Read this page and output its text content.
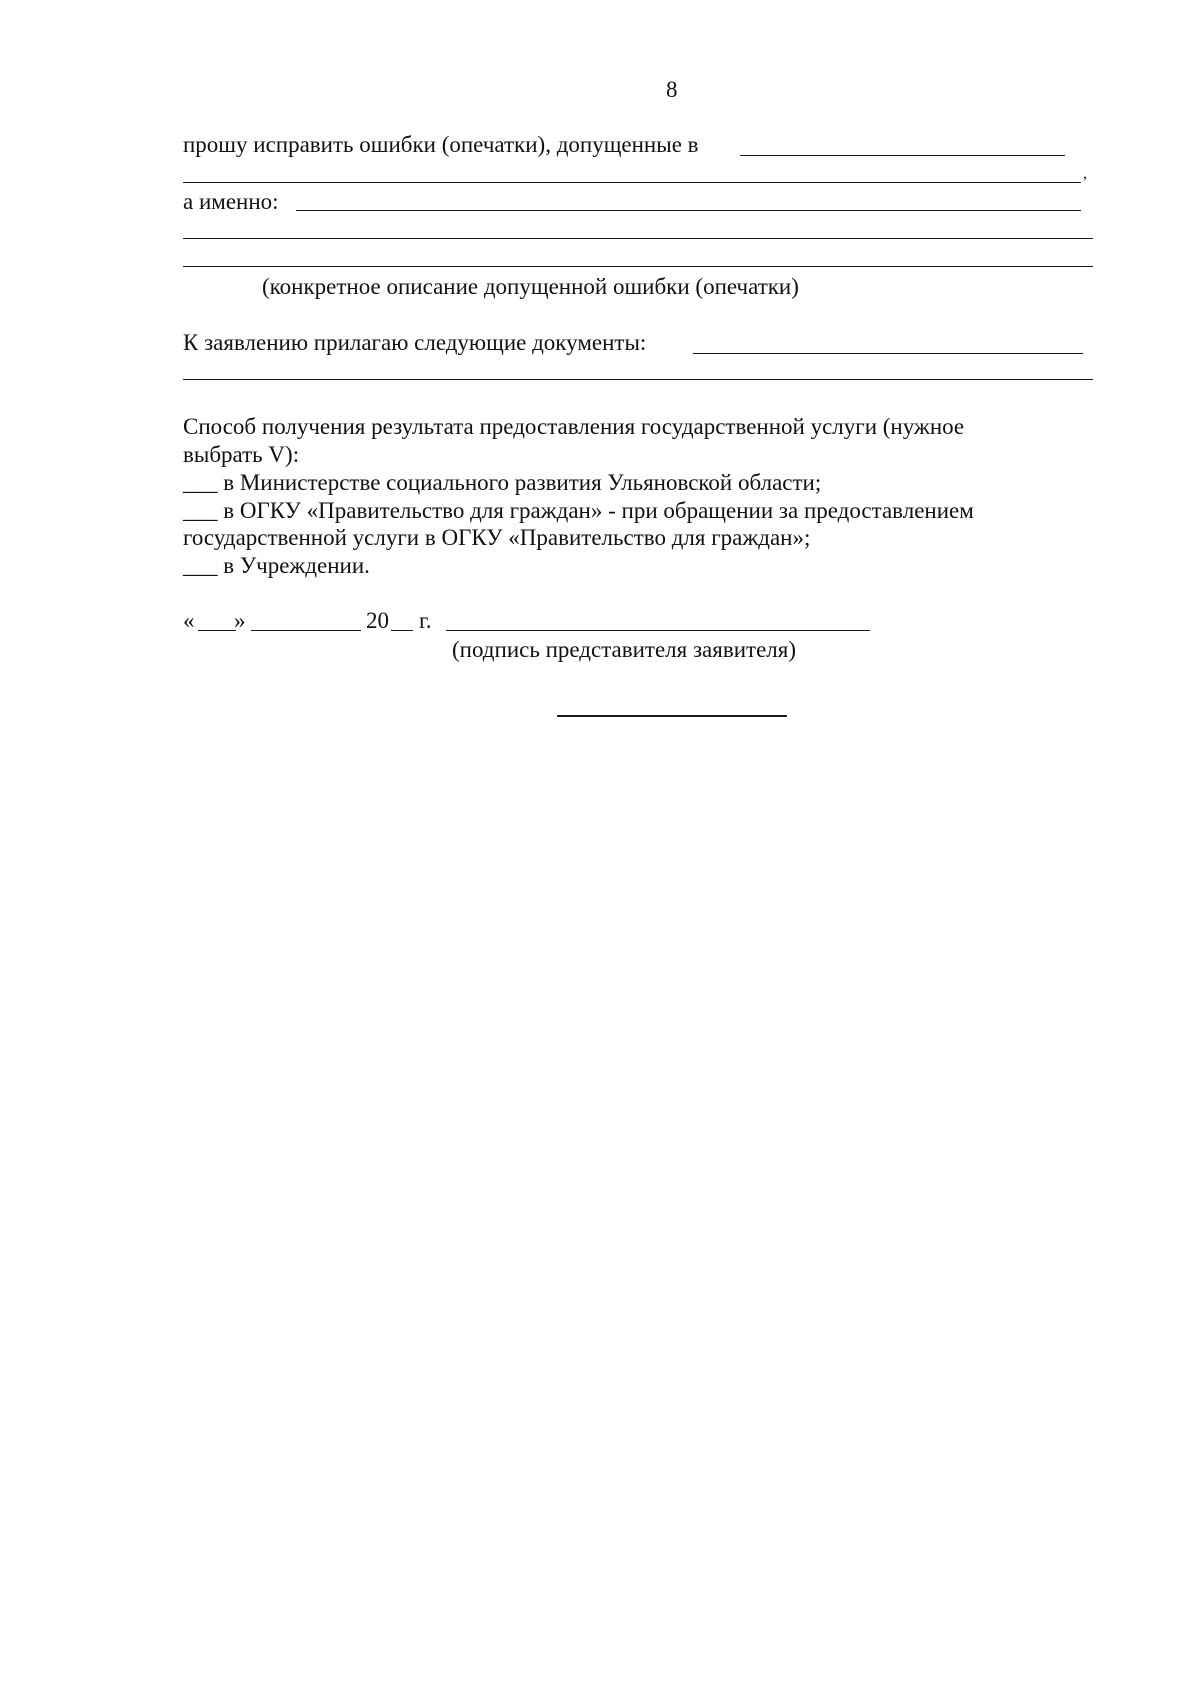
8
прошу исправить ошибки (опечатки), допущенные в
,
а именно:
(конкретное описание допущенной ошибки (опечатки)
К заявлению прилагаю следующие документы:
Способ получения результата предоставления государственной услуги (нужное
выбрать V):
___ в Министерстве социального развития Ульяновской области;
___ в ОГКУ «Правительство для граждан» - при обращении за предоставлением
государственной услуги в ОГКУ «Правительство для граждан»;
___ в Учреждении.
« »	20 г.
(подпись представителя заявителя)
